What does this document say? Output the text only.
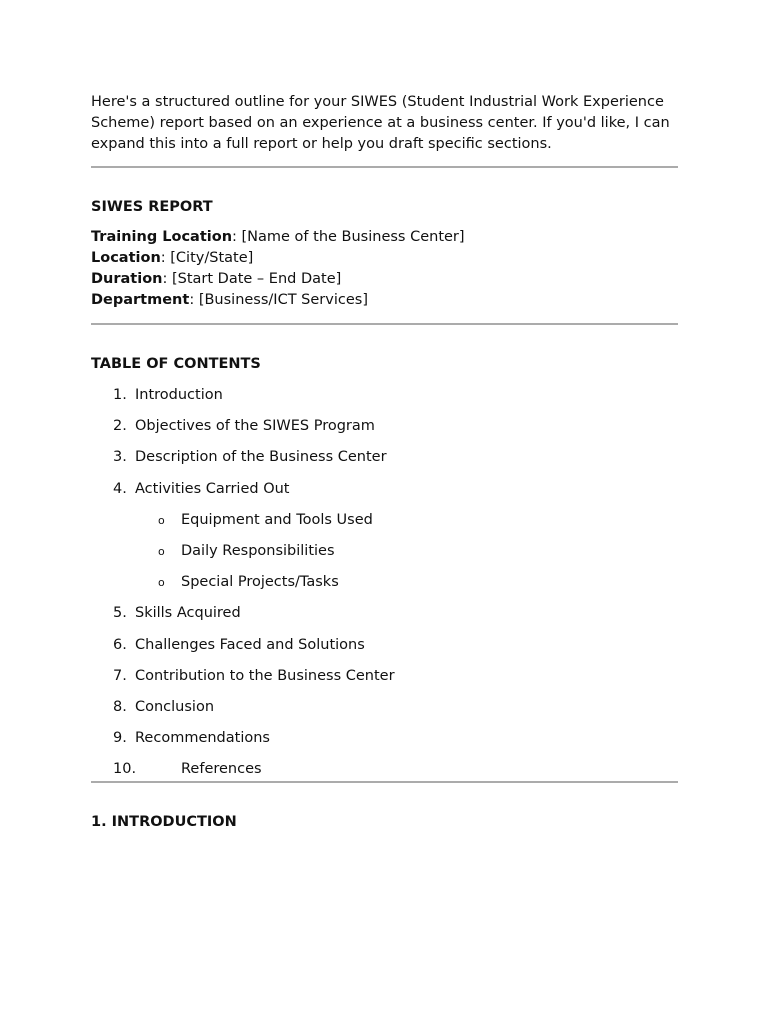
Here's a structured outline for your SIWES (Student Industrial Work Experience Scheme) report based on an experience at a business center. If you'd like, I can expand this into a full report or help you draft specific sections.

SIWES REPORT

Training Location: [Name of the Business Center]

Location: [City/State]

Duration: [Start Date – End Date]

Department: [Business/ICT Services]

TABLE OF CONTENTS

1. Introduction
2. Objectives of the SIWES Program
3. Description of the Business Center
4. Activities Carried Out
o Equipment and Tools Used
o Daily Responsibilities
o Special Projects/Tasks
5. Skills Acquired
6. Challenges Faced and Solutions
7. Contribution to the Business Center
8. Conclusion
9. Recommendations
10.	References

1. INTRODUCTION
